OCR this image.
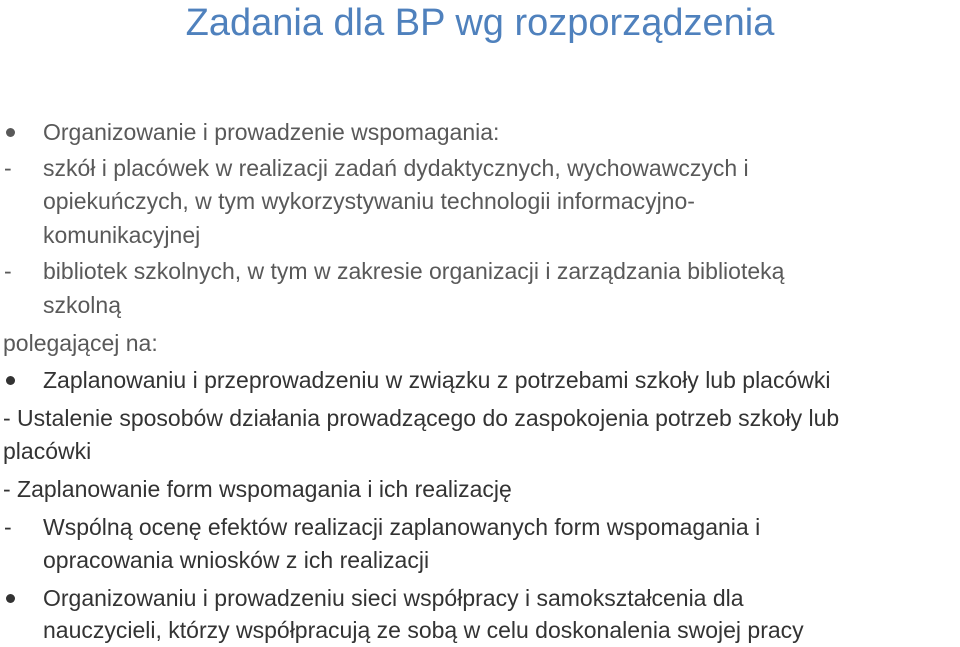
Zadania dla BP wg rozporządzenia

Organizowanie i prowadzenie wspomagania:

- szkół i placówek w realizacji zadań dydaktycznych, wychowawczych i

opiekuńczych, w tym wykorzystywaniu technologii informacyjno-

komunikacyjnej

- bibliotek szkolnych, w tym w zakresie organizacji i zarządzania biblioteką

szkolną

polegającej na:

Zaplanowaniu i przeprowadzeniu w związku z potrzebami szkoły lub placówki

- Ustalenie sposobów działania prowadzącego do zaspokojenia potrzeb szkoły lub

placówki

- Zaplanowanie form wspomagania i ich realizację

- Wspólną ocenę efektów realizacji zaplanowanych form wspomagania i

opracowania wniosków z ich realizacji

Organizowaniu i prowadzeniu sieci współpracy i samokształcenia dla

nauczycieli, którzy współpracują ze sobą w celu doskonalenia swojej pracy
